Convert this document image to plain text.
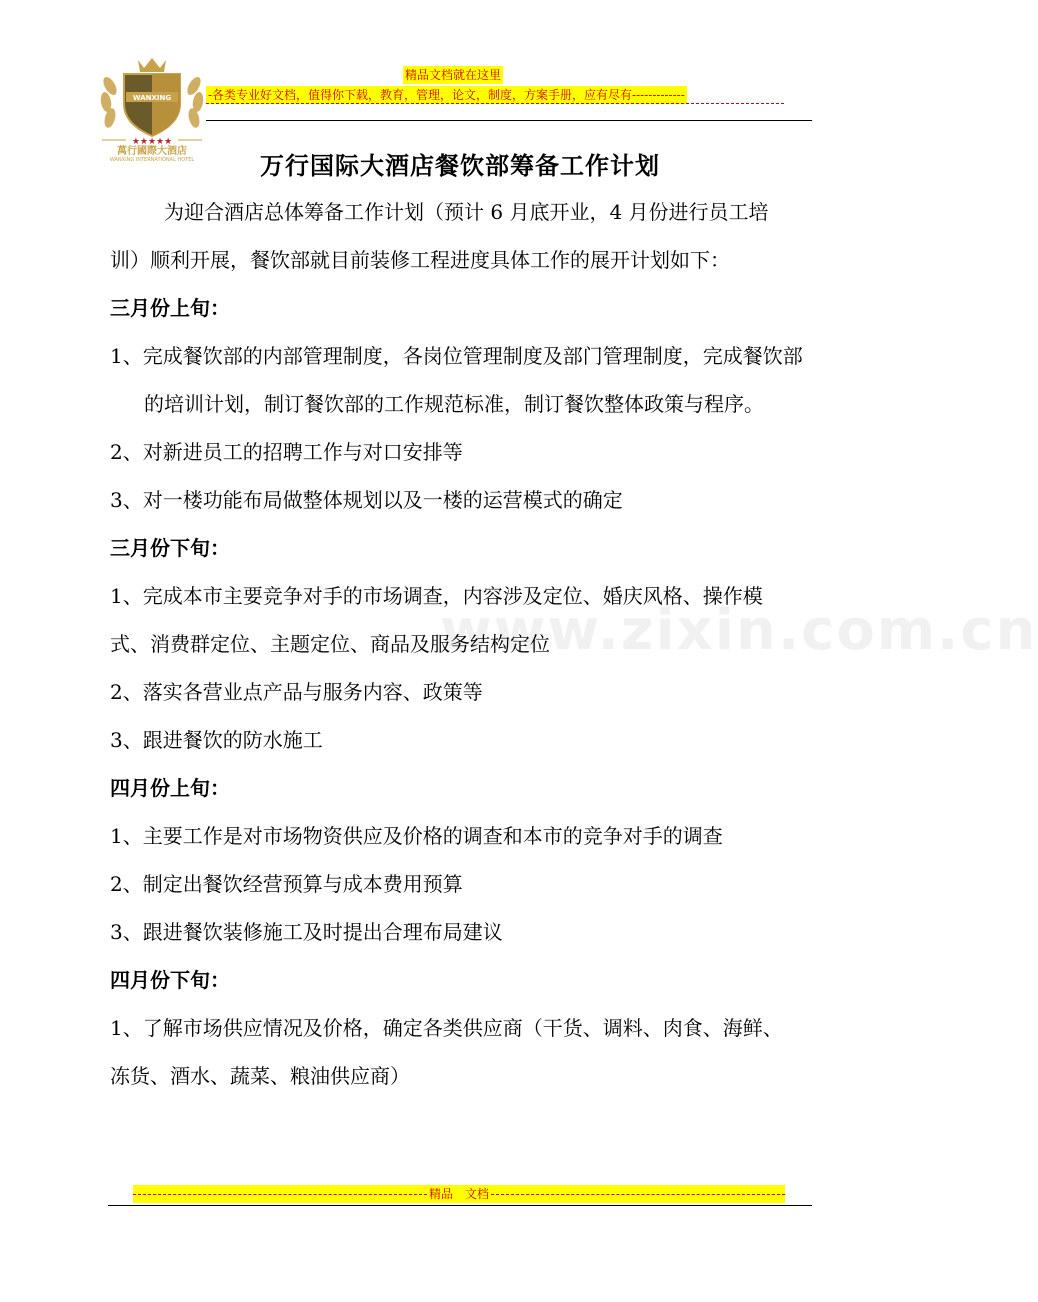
WANXING
★★★★★
萬行國際大酒店
WANXING INTERNATIONAL HOTEL
精品文档就在这里
-各类专业好文档，值得你下载，教育，管理，论文，制度，方案手册，应有尽有-------------
万行国际大酒店餐饮部筹备工作计划
www.zixin.com.cn

为迎合酒店总体筹备工作计划（预计 6 月底开业，4 月份进行员工培

训）顺利开展，餐饮部就目前装修工程进度具体工作的展开计划如下：

三月份上旬：

1、完成餐饮部的内部管理制度，各岗位管理制度及部门管理制度，完成餐饮部的培训计划，制订餐饮部的工作规范标准，制订餐饮整体政策与程序。

2、对新进员工的招聘工作与对口安排等

3、对一楼功能布局做整体规划以及一楼的运营模式的确定

三月份下旬：

1、完成本市主要竞争对手的市场调查，内容涉及定位、婚庆风格、操作模

式、消费群定位、主题定位、商品及服务结构定位

2、落实各营业点产品与服务内容、政策等

3、跟进餐饮的防水施工

四月份上旬：

1、主要工作是对市场物资供应及价格的调查和本市的竞争对手的调查

2、制定出餐饮经营预算与成本费用预算

3、跟进餐饮装修施工及时提出合理布局建议

四月份下旬：

1、了解市场供应情况及价格，确定各类供应商（干货、调料、肉食、海鲜、

冻货、酒水、蔬菜、粮油供应商）

精品　文档
